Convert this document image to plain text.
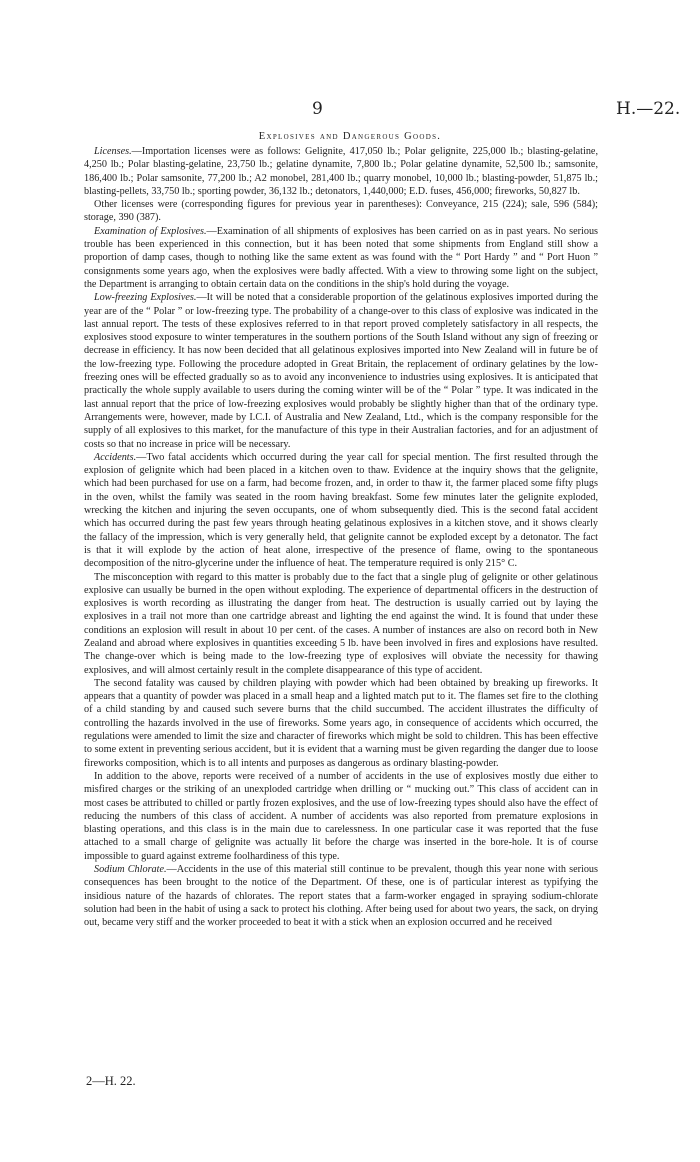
9	H.—22.
Explosives and Dangerous Goods.

Licenses.—Importation licenses were as follows: Gelignite, 417,050 lb.; Polar gelignite, 225,000 lb.; blasting-gelatine, 4,250 lb.; Polar blasting-gelatine, 23,750 lb.; gelatine dynamite, 7,800 lb.; Polar gelatine dynamite, 52,500 lb.; samsonite, 186,400 lb.; Polar samsonite, 77,200 lb.; A2 monobel, 281,400 lb.; quarry monobel, 10,000 lb.; blasting-powder, 51,875 lb.; blasting-pellets, 33,750 lb.; sporting powder, 36,132 lb.; detonators, 1,440,000; E.D. fuses, 456,000; fireworks, 50,827 lb.

Other licenses were (corresponding figures for previous year in parentheses): Conveyance, 215 (224); sale, 596 (584); storage, 390 (387).

Examination of Explosives.—Examination of all shipments of explosives has been carried on as in past years. No serious trouble has been experienced in this connection, but it has been noted that some shipments from England still show a proportion of damp cases, though to nothing like the same extent as was found with the “ Port Hardy ” and “ Port Huon ” consignments some years ago, when the explosives were badly affected. With a view to throwing some light on the subject, the Department is arranging to obtain certain data on the conditions in the ship's hold during the voyage.

Low-freezing Explosives.—It will be noted that a considerable proportion of the gelatinous explosives imported during the year are of the “ Polar ” or low-freezing type. The probability of a change-over to this class of explosive was indicated in the last annual report. The tests of these explosives referred to in that report proved completely satisfactory in all respects, the explosives stood exposure to winter temperatures in the southern portions of the South Island without any sign of freezing or decrease in efficiency. It has now been decided that all gelatinous explosives imported into New Zealand will in future be of the low-freezing type. Following the procedure adopted in Great Britain, the replacement of ordinary gelatines by the low-freezing ones will be effected gradually so as to avoid any inconvenience to industries using explosives. It is anticipated that practically the whole supply available to users during the coming winter will be of the “ Polar ” type. It was indicated in the last annual report that the price of low-freezing explosives would probably be slightly higher than that of the ordinary type. Arrangements were, however, made by I.C.I. of Australia and New Zealand, Ltd., which is the company responsible for the supply of all explosives to this market, for the manufacture of this type in their Australian factories, and for an adjustment of costs so that no increase in price will be necessary.

Accidents.—Two fatal accidents which occurred during the year call for special mention. The first resulted through the explosion of gelignite which had been placed in a kitchen oven to thaw. Evidence at the inquiry shows that the gelignite, which had been purchased for use on a farm, had become frozen, and, in order to thaw it, the farmer placed some fifty plugs in the oven, whilst the family was seated in the room having breakfast. Some few minutes later the gelignite exploded, wrecking the kitchen and injuring the seven occupants, one of whom subsequently died. This is the second fatal accident which has occurred during the past few years through heating gelatinous explosives in a kitchen stove, and it shows clearly the fallacy of the impression, which is very generally held, that gelignite cannot be exploded except by a detonator. The fact is that it will explode by the action of heat alone, irrespective of the presence of flame, owing to the spontaneous decomposition of the nitro-glycerine under the influence of heat. The temperature required is only 215° C.

The misconception with regard to this matter is probably due to the fact that a single plug of gelignite or other gelatinous explosive can usually be burned in the open without exploding. The experience of departmental officers in the destruction of explosives is worth recording as illustrating the danger from heat. The destruction is usually carried out by laying the explosives in a trail not more than one cartridge abreast and lighting the end against the wind. It is found that under these conditions an explosion will result in about 10 per cent. of the cases. A number of instances are also on record both in New Zealand and abroad where explosives in quantities exceeding 5 lb. have been involved in fires and explosions have resulted. The change-over which is being made to the low-freezing type of explosives will obviate the necessity for thawing explosives, and will almost certainly result in the complete disappearance of this type of accident.

The second fatality was caused by children playing with powder which had been obtained by breaking up fireworks. It appears that a quantity of powder was placed in a small heap and a lighted match put to it. The flames set fire to the clothing of a child standing by and caused such severe burns that the child succumbed. The accident illustrates the difficulty of controlling the hazards involved in the use of fireworks. Some years ago, in consequence of accidents which occurred, the regulations were amended to limit the size and character of fireworks which might be sold to children. This has been effective to some extent in preventing serious accident, but it is evident that a warning must be given regarding the danger due to loose fireworks composition, which is to all intents and purposes as dangerous as ordinary blasting-powder.

In addition to the above, reports were received of a number of accidents in the use of explosives mostly due either to misfired charges or the striking of an unexploded cartridge when drilling or “ mucking out.” This class of accident can in most cases be attributed to chilled or partly frozen explosives, and the use of low-freezing types should also have the effect of reducing the numbers of this class of accident. A number of accidents was also reported from premature explosions in blasting operations, and this class is in the main due to carelessness. In one particular case it was reported that the fuse attached to a small charge of gelignite was actually lit before the charge was inserted in the bore-hole. It is of course impossible to guard against extreme foolhardiness of this type.

Sodium Chlorate.—Accidents in the use of this material still continue to be prevalent, though this year none with serious consequences has been brought to the notice of the Department. Of these, one is of particular interest as typifying the insidious nature of the hazards of chlorates. The report states that a farm-worker engaged in spraying sodium-chlorate solution had been in the habit of using a sack to protect his clothing. After being used for about two years, the sack, on drying out, became very stiff and the worker proceeded to beat it with a stick when an explosion occurred and he received

2—H. 22.
